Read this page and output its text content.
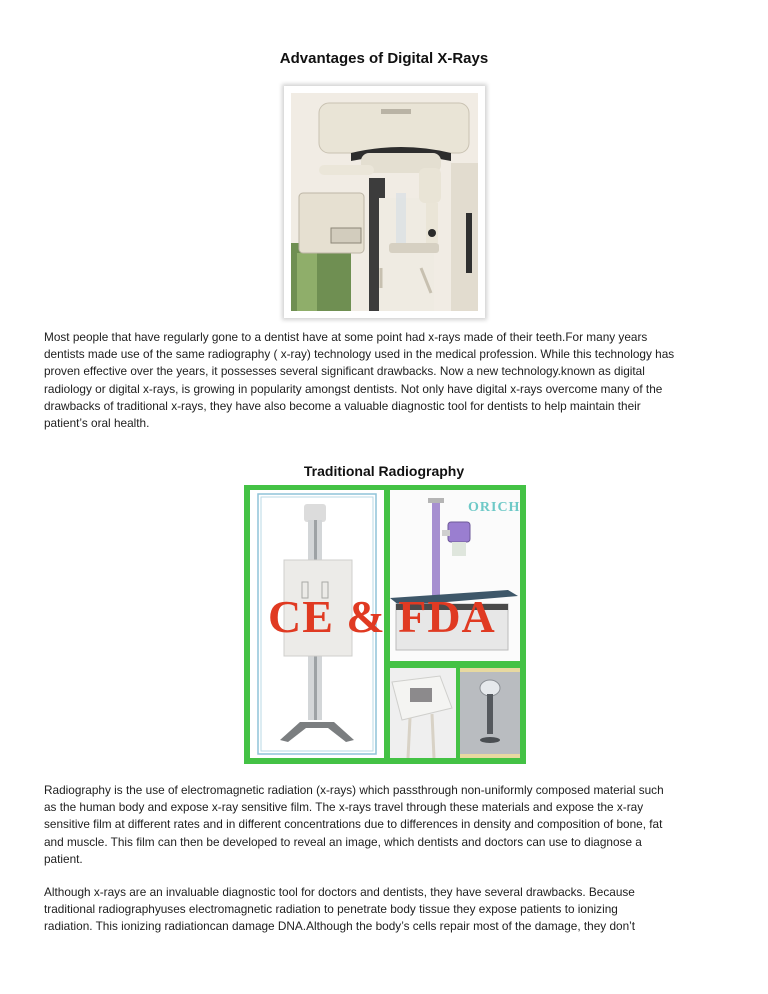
Advantages of Digital X-Rays
Most people that have regularly gone to a dentist have at some point had x-rays made of their teeth.For many years
dentists made use of the same radiography ( x-ray) technology used in the medical profession. While this technology has
proven effective over the years, it possesses several significant drawbacks. Now a new technology.known as digital
radiology or digital x-rays, is growing in popularity amongst dentists. Not only have digital x-rays overcome many of the
drawbacks of traditional x-rays, they have also become a valuable diagnostic tool for dentists to help maintain their
patient’s oral health.
Traditional Radiography
ORICH
CE & FDA
Radiography is the use of electromagnetic radiation (x-rays) which passthrough non-uniformly composed material such
as the human body and expose x-ray sensitive film. The x-rays travel through these materials and expose the x-ray
sensitive film at different rates and in different concentrations due to differences in density and composition of bone, fat
and muscle. This film can then be developed to reveal an image, which dentists and doctors can use to diagnose a
patient.
Although x-rays are an invaluable diagnostic tool for doctors and dentists, they have several drawbacks. Because
traditional radiographyuses electromagnetic radiation to penetrate body tissue they expose patients to ionizing
radiation. This ionizing radiationcan damage DNA.Although the body’s cells repair most of the damage, they don’t
